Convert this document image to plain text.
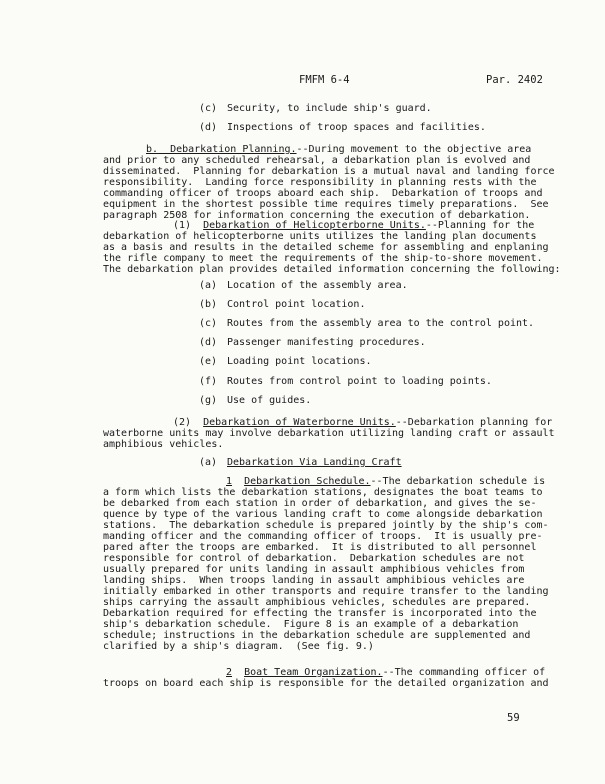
FMFM 6-4	Par. 2402
(c) Security, to include ship's guard.
(d) Inspections of troop spaces and facilities.
b.  Debarkation Planning.--During movement to the objective area
and prior to any scheduled rehearsal, a debarkation plan is evolved and
disseminated.  Planning for debarkation is a mutual naval and landing force
responsibility.  Landing force responsibility in planning rests with the
commanding officer of troops aboard each ship.  Debarkation of troops and
equipment in the shortest possible time requires timely preparations.  See
paragraph 2508 for information concerning the execution of debarkation.
(1) Debarkation of Helicopterborne Units.--Planning for the
debarkation of helicopterborne units utilizes the landing plan documents
as a basis and results in the detailed scheme for assembling and enplaning
the rifle company to meet the requirements of the ship-to-shore movement.
The debarkation plan provides detailed information concerning the following:
(a) Location of the assembly area.
(b) Control point location.
(c) Routes from the assembly area to the control point.
(d) Passenger manifesting procedures.
(e) Loading point locations.
(f) Routes from control point to loading points.
(g) Use of guides.
(2) Debarkation of Waterborne Units.--Debarkation planning for
waterborne units may involve debarkation utilizing landing craft or assault
amphibious vehicles.
(a) Debarkation Via Landing Craft
1 Debarkation Schedule.--The debarkation schedule is
a form which lists the debarkation stations, designates the boat teams to
be debarked from each station in order of debarkation, and gives the se-
quence by type of the various landing craft to come alongside debarkation
stations.  The debarkation schedule is prepared jointly by the ship's com-
manding officer and the commanding officer of troops.  It is usually pre-
pared after the troops are embarked.  It is distributed to all personnel
responsible for control of debarkation.  Debarkation schedules are not
usually prepared for units landing in assault amphibious vehicles from
landing ships.  When troops landing in assault amphibious vehicles are
initially embarked in other transports and require transfer to the landing
ships carrying the assault amphibious vehicles, schedules are prepared.
Debarkation required for effecting the transfer is incorporated into the
ship's debarkation schedule.  Figure 8 is an example of a debarkation
schedule; instructions in the debarkation schedule are supplemented and
clarified by a ship's diagram.  (See fig. 9.)
2 Boat Team Organization.--The commanding officer of
troops on board each ship is responsible for the detailed organization and
59
